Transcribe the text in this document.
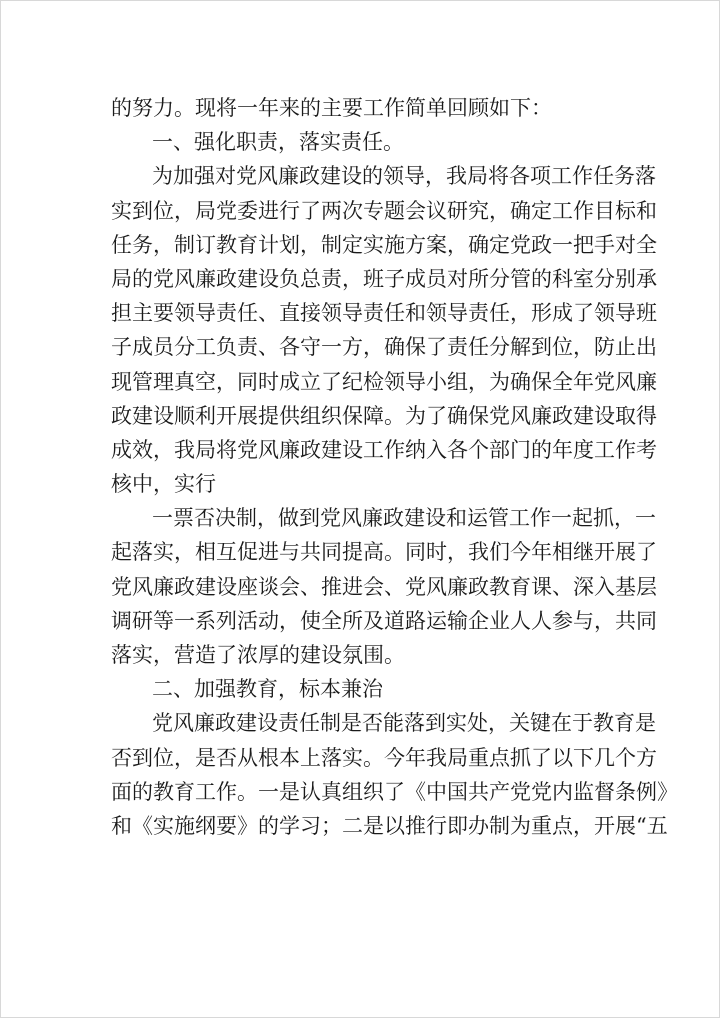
的努力。现将一年来的主要工作简单回顾如下：
一、强化职责，落实责任。
为加强对党风廉政建设的领导，我局将各项工作任务落
实到位，局党委进行了两次专题会议研究，确定工作目标和
任务，制订教育计划，制定实施方案，确定党政一把手对全
局的党风廉政建设负总责，班子成员对所分管的科室分别承
担主要领导责任、直接领导责任和领导责任，形成了领导班
子成员分工负责、各守一方，确保了责任分解到位，防止出
现管理真空，同时成立了纪检领导小组，为确保全年党风廉
政建设顺利开展提供组织保障。为了确保党风廉政建设取得
成效，我局将党风廉政建设工作纳入各个部门的年度工作考
核中，实行
一票否决制，做到党风廉政建设和运管工作一起抓，一
起落实，相互促进与共同提高。同时，我们今年相继开展了
党风廉政建设座谈会、推进会、党风廉政教育课、深入基层
调研等一系列活动，使全所及道路运输企业人人参与，共同
落实，营造了浓厚的建设氛围。
二、加强教育，标本兼治
党风廉政建设责任制是否能落到实处，关键在于教育是
否到位，是否从根本上落实。今年我局重点抓了以下几个方
面的教育工作。一是认真组织了《中国共产党党内监督条例》
和《实施纲要》的学习；二是以推行即办制为重点，开展“五
